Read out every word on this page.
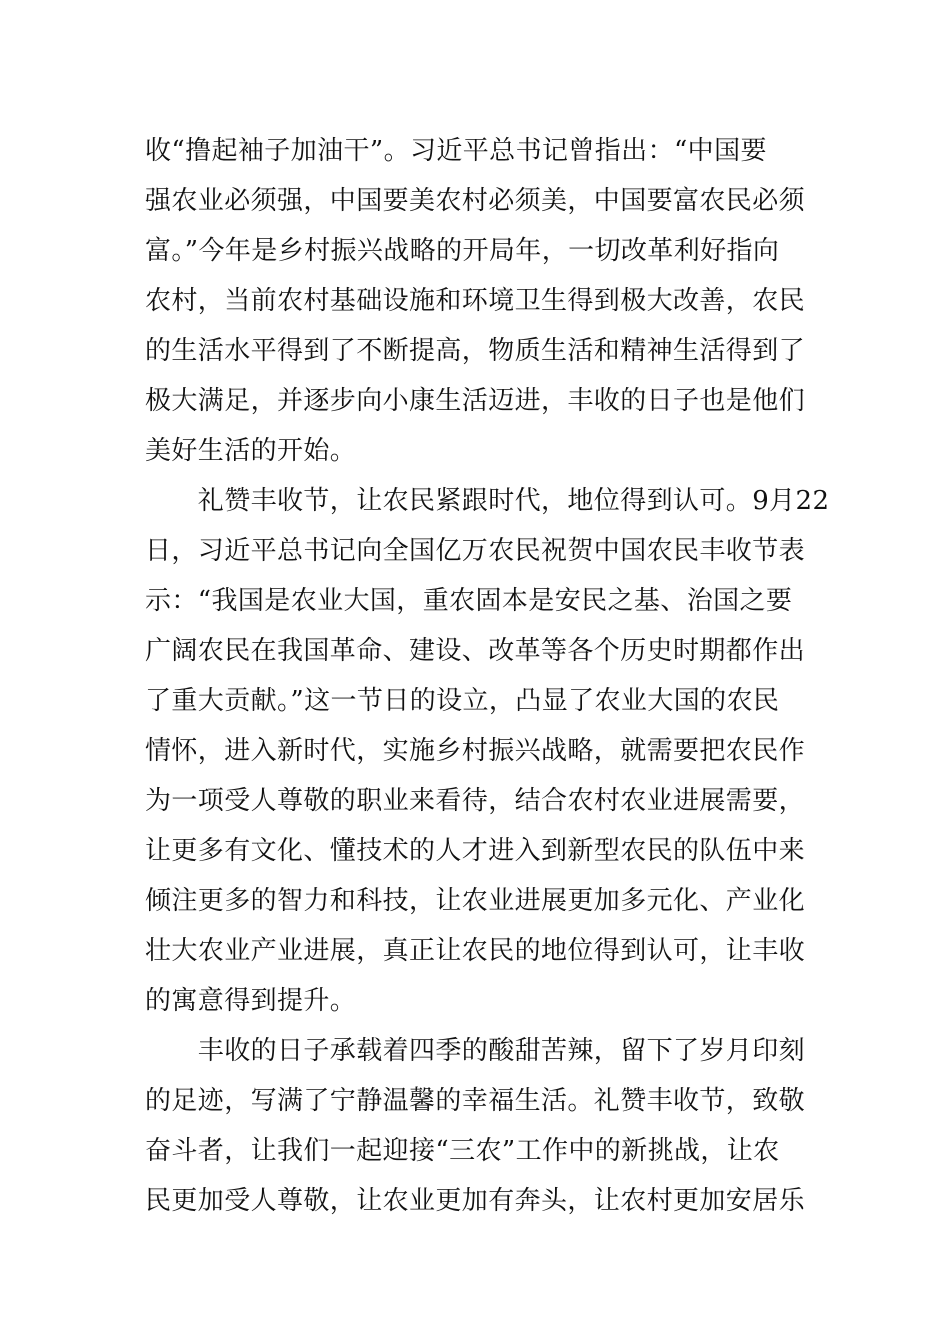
收“撸起袖子加油干”。习近平总书记曾指出：“中国要
强农业必须强，中国要美农村必须美，中国要富农民必须
富。”今年是乡村振兴战略的开局年，一切改革利好指向
农村，当前农村基础设施和环境卫生得到极大改善，农民
的生活水平得到了不断提高，物质生活和精神生活得到了
极大满足，并逐步向小康生活迈进，丰收的日子也是他们
美好生活的开始。
　　礼赞丰收节，让农民紧跟时代，地位得到认可。9月22
日，习近平总书记向全国亿万农民祝贺中国农民丰收节表
示：“我国是农业大国，重农固本是安民之基、治国之要
广阔农民在我国革命、建设、改革等各个历史时期都作出
了重大贡献。”这一节日的设立，凸显了农业大国的农民
情怀，进入新时代，实施乡村振兴战略，就需要把农民作
为一项受人尊敬的职业来看待，结合农村农业进展需要，
让更多有文化、懂技术的人才进入到新型农民的队伍中来
倾注更多的智力和科技，让农业进展更加多元化、产业化
壮大农业产业进展，真正让农民的地位得到认可，让丰收
的寓意得到提升。
　　丰收的日子承载着四季的酸甜苦辣，留下了岁月印刻
的足迹，写满了宁静温馨的幸福生活。礼赞丰收节，致敬
奋斗者，让我们一起迎接“三农”工作中的新挑战，让农
民更加受人尊敬，让农业更加有奔头，让农村更加安居乐
